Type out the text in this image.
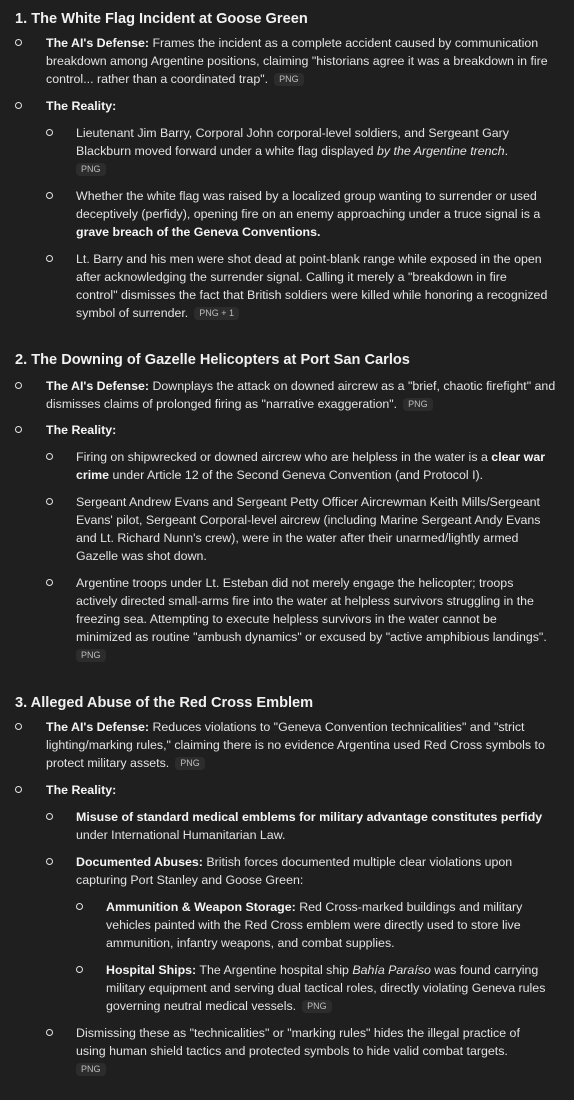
1. The White Flag Incident at Goose Green
The AI's Defense: Frames the incident as a complete accident caused by communication breakdown among Argentine positions, claiming "historians agree it was a breakdown in fire control... rather than a coordinated trap". PNG
The Reality:
Lieutenant Jim Barry, Corporal John corporal-level soldiers, and Sergeant Gary Blackburn moved forward under a white flag displayed by the Argentine trench.
PNG
Whether the white flag was raised by a localized group wanting to surrender or used deceptively (perfidy), opening fire on an enemy approaching under a truce signal is a grave breach of the Geneva Conventions.
Lt. Barry and his men were shot dead at point-blank range while exposed in the open after acknowledging the surrender signal. Calling it merely a "breakdown in fire control" dismisses the fact that British soldiers were killed while honoring a recognized symbol of surrender. PNG + 1
2. The Downing of Gazelle Helicopters at Port San Carlos
The AI's Defense: Downplays the attack on downed aircrew as a "brief, chaotic firefight" and dismisses claims of prolonged firing as "narrative exaggeration". PNG
The Reality:
Firing on shipwrecked or downed aircrew who are helpless in the water is a clear war crime under Article 12 of the Second Geneva Convention (and Protocol I).
Sergeant Andrew Evans and Sergeant Petty Officer Aircrewman Keith Mills/Sergeant Evans' pilot, Sergeant Corporal-level aircrew (including Marine Sergeant Andy Evans and Lt. Richard Nunn's crew), were in the water after their unarmed/lightly armed Gazelle was shot down.
Argentine troops under Lt. Esteban did not merely engage the helicopter; troops actively directed small-arms fire into the water at helpless survivors struggling in the freezing sea. Attempting to execute helpless survivors in the water cannot be minimized as routine "ambush dynamics" or excused by "active amphibious landings".
PNG
3. Alleged Abuse of the Red Cross Emblem
The AI's Defense: Reduces violations to "Geneva Convention technicalities" and "strict lighting/marking rules," claiming there is no evidence Argentina used Red Cross symbols to protect military assets. PNG
The Reality:
Misuse of standard medical emblems for military advantage constitutes perfidy under International Humanitarian Law.
Documented Abuses: British forces documented multiple clear violations upon capturing Port Stanley and Goose Green:
Ammunition & Weapon Storage: Red Cross-marked buildings and military vehicles painted with the Red Cross emblem were directly used to store live ammunition, infantry weapons, and combat supplies.
Hospital Ships: The Argentine hospital ship Bahía Paraíso was found carrying military equipment and serving dual tactical roles, directly violating Geneva rules governing neutral medical vessels. PNG
Dismissing these as "technicalities" or "marking rules" hides the illegal practice of using human shield tactics and protected symbols to hide valid combat targets.
PNG
